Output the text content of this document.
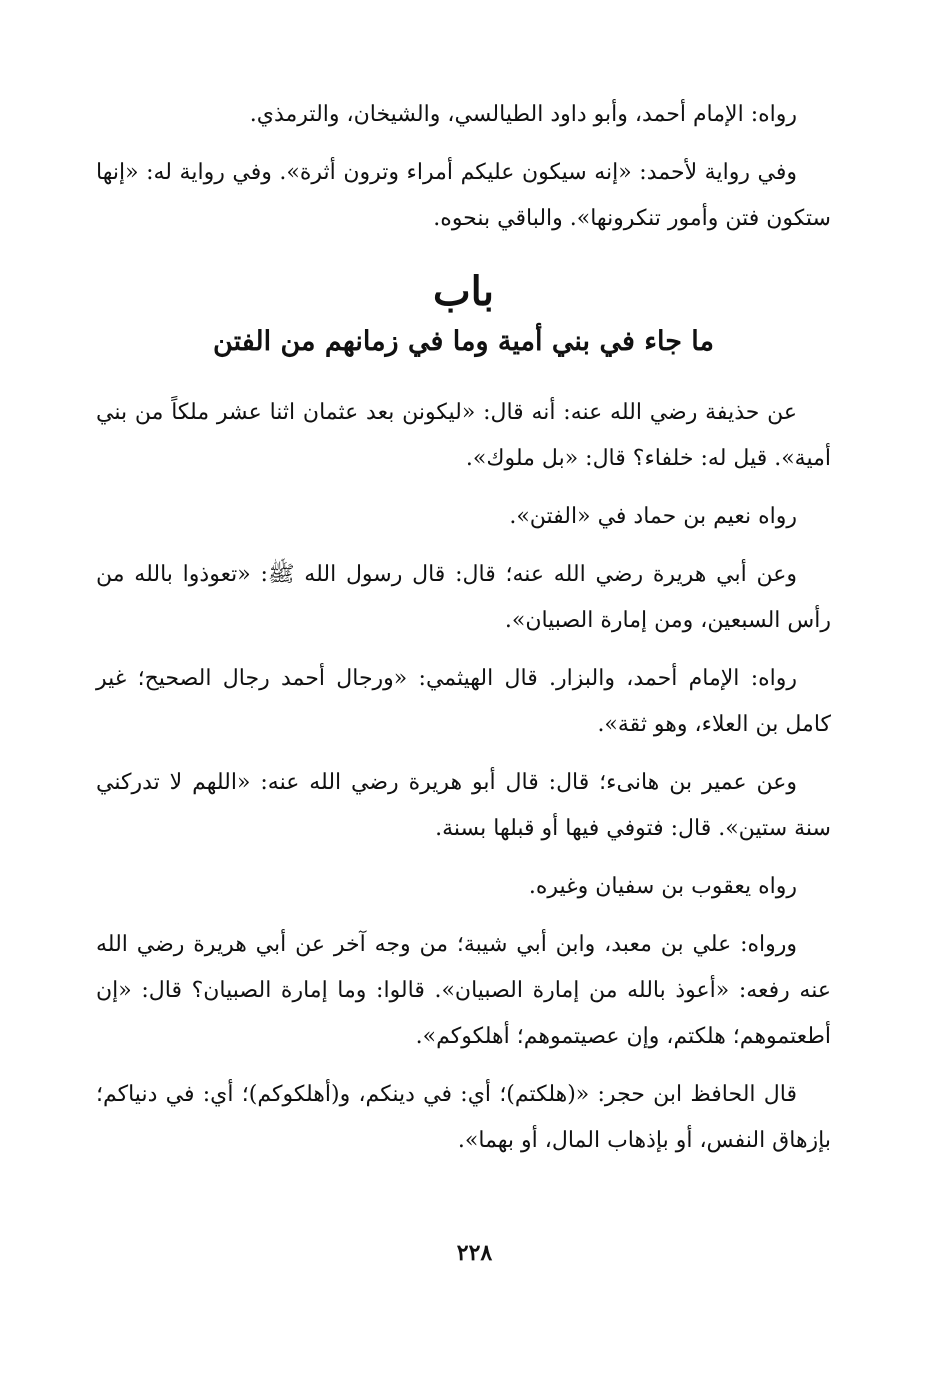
رواه: الإمام أحمد، وأبو داود الطيالسي، والشيخان، والترمذي.

وفي رواية لأحمد: «إنه سيكون عليكم أمراء وترون أثرة». وفي رواية له: «إنها ستكون فتن وأمور تنكرونها». والباقي بنحوه.

باب
ما جاء في بني أمية وما في زمانهم من الفتن

عن حذيفة رضي الله عنه: أنه قال: «ليكونن بعد عثمان اثنا عشر ملكاً من بني أمية». قيل له: خلفاء؟ قال: «بل ملوك».

رواه نعيم بن حماد في «الفتن».

وعن أبي هريرة رضي الله عنه؛ قال: قال رسول الله ﷺ: «تعوذوا بالله من رأس السبعين، ومن إمارة الصبيان».

رواه: الإمام أحمد، والبزار. قال الهيثمي: «ورجال أحمد رجال الصحيح؛ غير كامل بن العلاء، وهو ثقة».

وعن عمير بن هانىء؛ قال: قال أبو هريرة رضي الله عنه: «اللهم لا تدركني سنة ستين». قال: فتوفي فيها أو قبلها بسنة.

رواه يعقوب بن سفيان وغيره.

ورواه: علي بن معبد، وابن أبي شيبة؛ من وجه آخر عن أبي هريرة رضي الله عنه رفعه: «أعوذ بالله من إمارة الصبيان». قالوا: وما إمارة الصبيان؟ قال: «إن أطعتموهم؛ هلكتم، وإن عصيتموهم؛ أهلكوكم».

قال الحافظ ابن حجر: «(هلكتم)؛ أي: في دينكم، و(أهلكوكم)؛ أي: في دنياكم؛ بإزهاق النفس، أو بإذهاب المال، أو بهما».

٢٢٨
